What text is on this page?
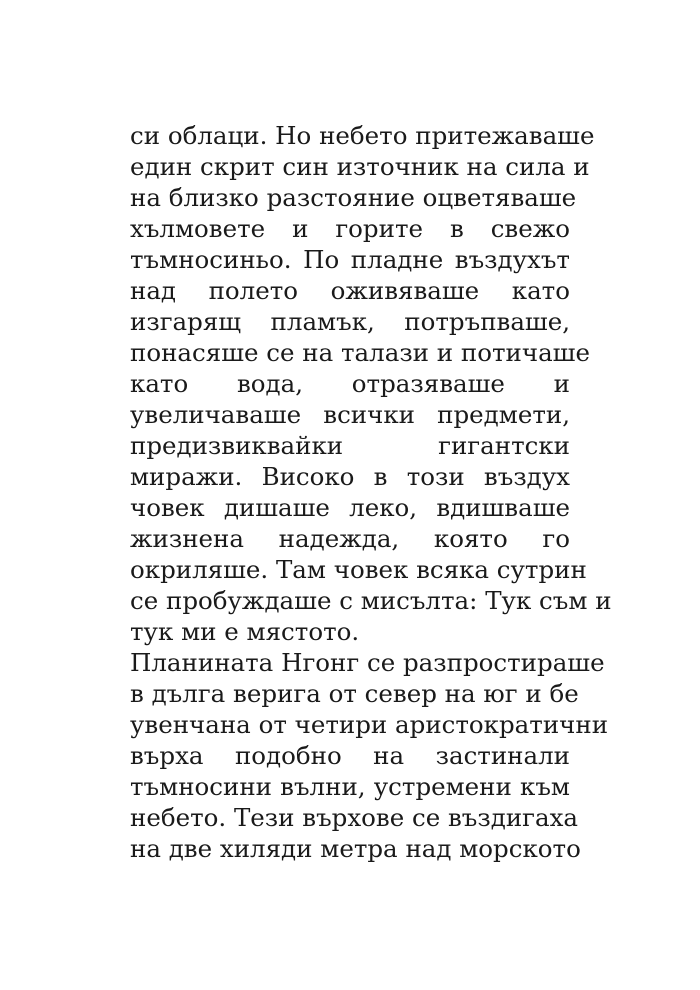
си облаци. Но небето притежаваше
един скрит син източник на сила и
на близко разстояние оцветяваше
хълмовете и горите в свежо
тъмносиньо. По пладне въздухът
над полето оживяваше като
изгарящ пламък, потръпваше,
понасяше се на талази и потичаше
като вода, отразяваше и
увеличаваше всички предмети,
предизвиквайки гигантски
миражи. Високо в този въздух
човек дишаше леко, вдишваше
жизнена надежда, която го
окриляше. Там човек всяка сутрин
се пробуждаше с мисълта: Тук съм и
тук ми е мястото.
Планината Нгонг се разпростираше
в дълга верига от север на юг и бе
увенчана от четири аристократични
върха подобно на застинали
тъмносини вълни, устремени към
небето. Тези върхове се въздигаха
на две хиляди метра над морското
